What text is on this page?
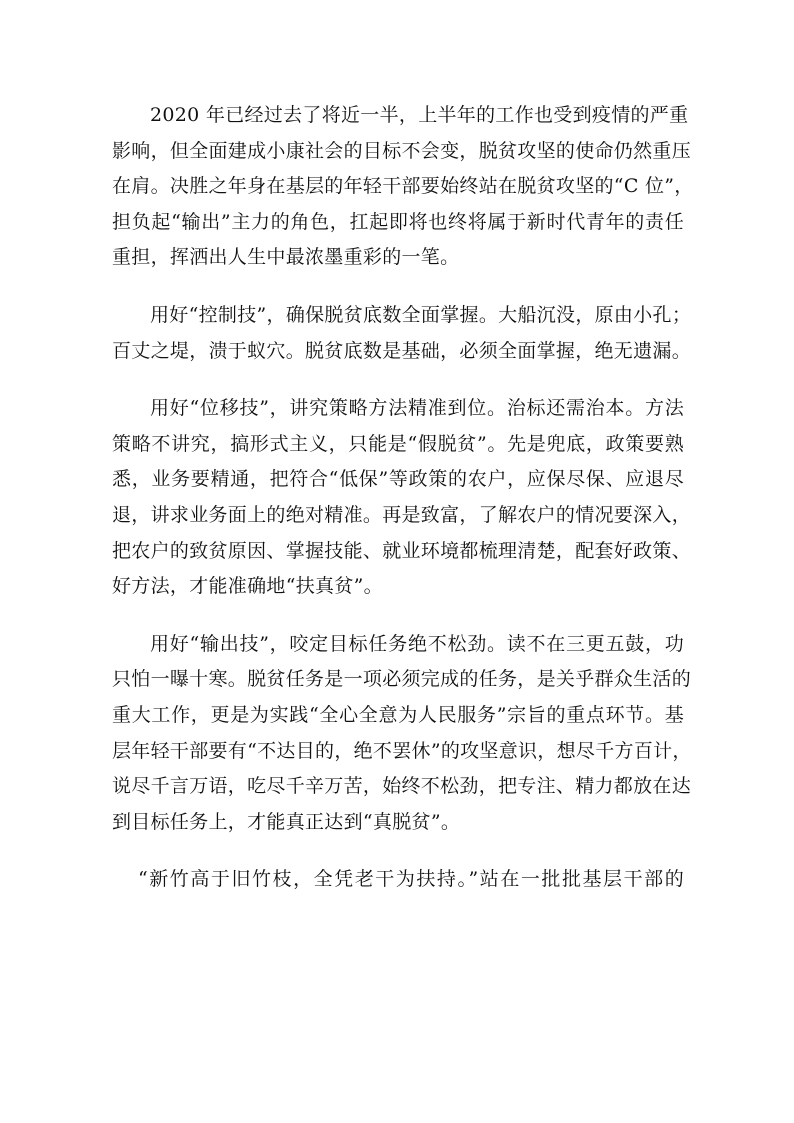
2020 年已经过去了将近一半，上半年的工作也受到疫情的严重
影响，但全面建成小康社会的目标不会变，脱贫攻坚的使命仍然重压
在肩。决胜之年身在基层的年轻干部要始终站在脱贫攻坚的“C 位”，
担负起“输出”主力的角色，扛起即将也终将属于新时代青年的责任
重担，挥洒出人生中最浓墨重彩的一笔。

用好“控制技”，确保脱贫底数全面掌握。大船沉没，原由小孔；
百丈之堤，溃于蚁穴。脱贫底数是基础，必须全面掌握，绝无遗漏。

用好“位移技”，讲究策略方法精准到位。治标还需治本。方法
策略不讲究，搞形式主义，只能是“假脱贫”。先是兜底，政策要熟
悉，业务要精通，把符合“低保”等政策的农户，应保尽保、应退尽
退，讲求业务面上的绝对精准。再是致富，了解农户的情况要深入，
把农户的致贫原因、掌握技能、就业环境都梳理清楚，配套好政策、
好方法，才能准确地“扶真贫”。

用好“输出技”，咬定目标任务绝不松劲。读不在三更五鼓，功
只怕一曝十寒。脱贫任务是一项必须完成的任务，是关乎群众生活的
重大工作，更是为实践“全心全意为人民服务”宗旨的重点环节。基
层年轻干部要有“不达目的，绝不罢休”的攻坚意识，想尽千方百计，
说尽千言万语，吃尽千辛万苦，始终不松劲，把专注、精力都放在达
到目标任务上，才能真正达到“真脱贫”。

“新竹高于旧竹枝，全凭老干为扶持。”站在一批批基层干部的
